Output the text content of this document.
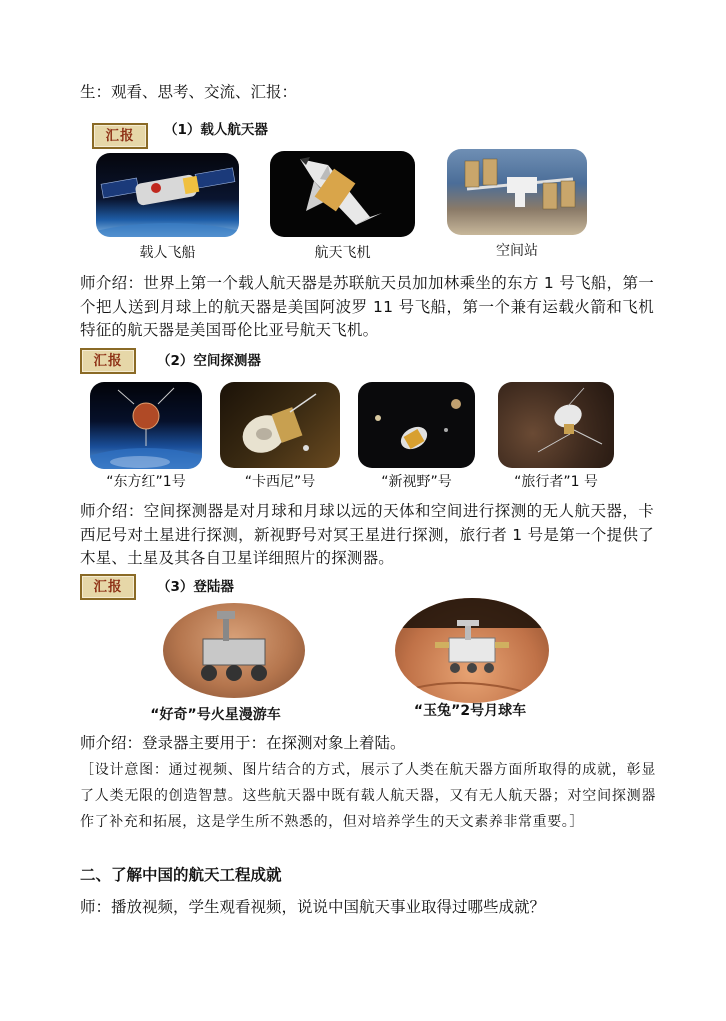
生：观看、思考、交流、汇报：
汇报	（1）载人航天器
载人飞船	航天飞机	空间站
师介绍：世界上第一个载人航天器是苏联航天员加加林乘坐的东方 1 号飞船，第一个把人送到月球上的航天器是美国阿波罗 11 号飞船，第一个兼有运载火箭和飞机特征的航天器是美国哥伦比亚号航天飞机。
汇报	（2）空间探测器
“东方红”1号	“卡西尼”号	“新视野”号	“旅行者”1 号
师介绍：空间探测器是对月球和月球以远的天体和空间进行探测的无人航天器，卡西尼号对土星进行探测，新视野号对冥王星进行探测，旅行者 1 号是第一个提供了木星、土星及其各自卫星详细照片的探测器。
汇报	（3）登陆器
“好奇”号火星漫游车	“玉兔”2号月球车
师介绍：登录器主要用于：在探测对象上着陆。
［设计意图：通过视频、图片结合的方式，展示了人类在航天器方面所取得的成就，彰显了人类无限的创造智慧。这些航天器中既有载人航天器，又有无人航天器；对空间探测器作了补充和拓展，这是学生所不熟悉的，但对培养学生的天文素养非常重要。］
二、了解中国的航天工程成就
师：播放视频，学生观看视频，说说中国航天事业取得过哪些成就？
